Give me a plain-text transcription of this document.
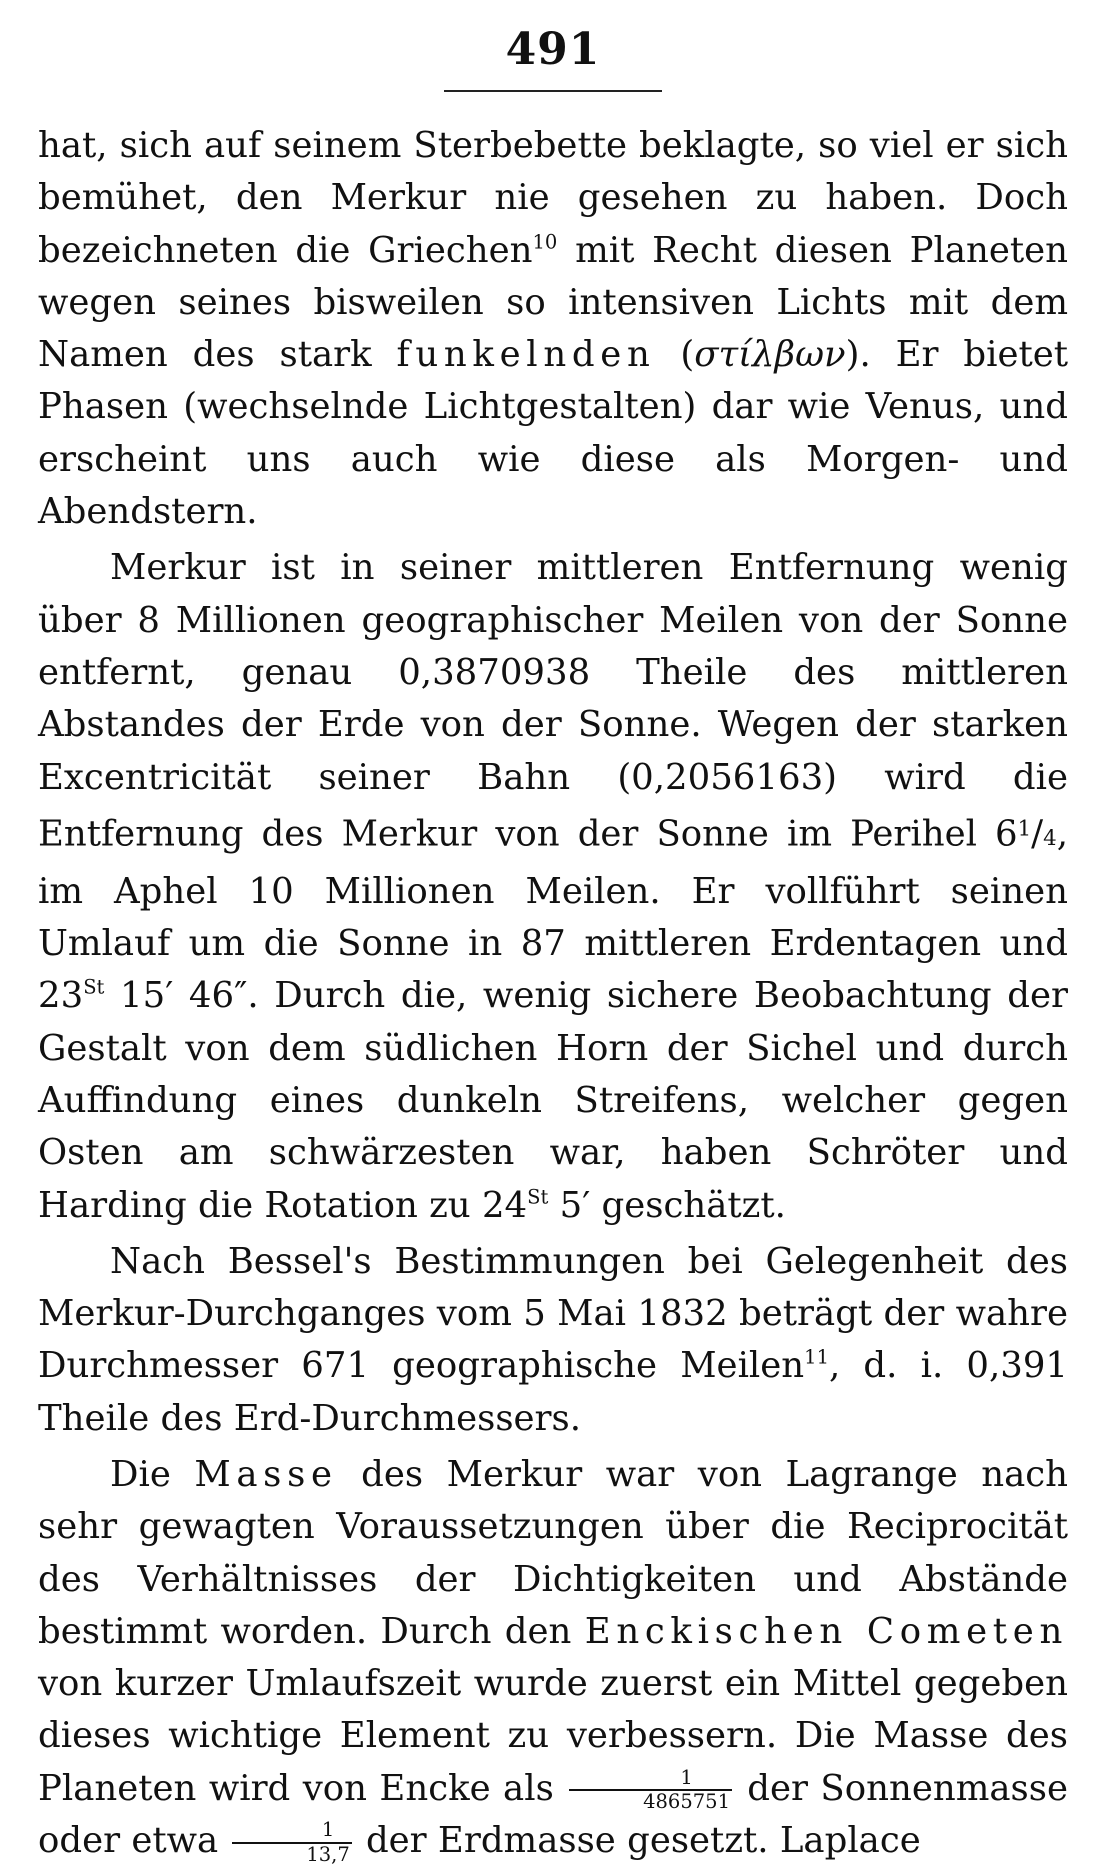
491

hat, sich auf seinem Sterbebette beklagte, so viel er sich bemühet, den Merkur nie gesehen zu haben. Doch bezeichneten die Griechen$^{10}$ mit Recht diesen Planeten wegen seines bisweilen so intensiven Lichts mit dem Namen des stark funkelnden (στίλβων). Er bietet Phasen (wechselnde Lichtgestalten) dar wie Venus, und erscheint uns auch wie diese als Morgen- und Abendstern.

Merkur ist in seiner mittleren Entfernung wenig über 8 Millionen geographischer Meilen von der Sonne entfernt, genau 0,3870938 Theile des mittleren Abstandes der Erde von der Sonne. Wegen der starken Excentricität seiner Bahn (0,2056163) wird die Entfernung des Merkur von der Sonne im Perihel $6^1/4$, im Aphel 10 Millionen Meilen. Er vollführt seinen Umlauf um die Sonne in 87 mittleren Erdentagen und 23St 15′ 46″. Durch die, wenig sichere Beobachtung der Gestalt von dem südlichen Horn der Sichel und durch Auffindung eines dunkeln Streifens, welcher gegen Osten am schwärzesten war, haben Schröter und Harding die Rotation zu 24St 5′ geschätzt.

Nach Bessel's Bestimmungen bei Gelegenheit des Merkur-Durchganges vom 5 Mai 1832 beträgt der wahre Durchmesser 671 geographische Meilen$^{11}$, d. i. 0,391 Theile des Erd-Durchmessers.

Die Masse des Merkur war von Lagrange nach sehr gewagten Voraussetzungen über die Reciprocität des Verhältnisses der Dichtigkeiten und Abstände bestimmt worden. Durch den Enckischen Cometen von kurzer Umlaufszeit wurde zuerst ein Mittel gegeben dieses wichtige Element zu verbessern. Die Masse des Planeten wird von Encke als $\frac{1}{4865751}$ der Sonnenmasse oder etwa $\frac{1}{13,7}$ der Erdmasse gesetzt. Laplace
